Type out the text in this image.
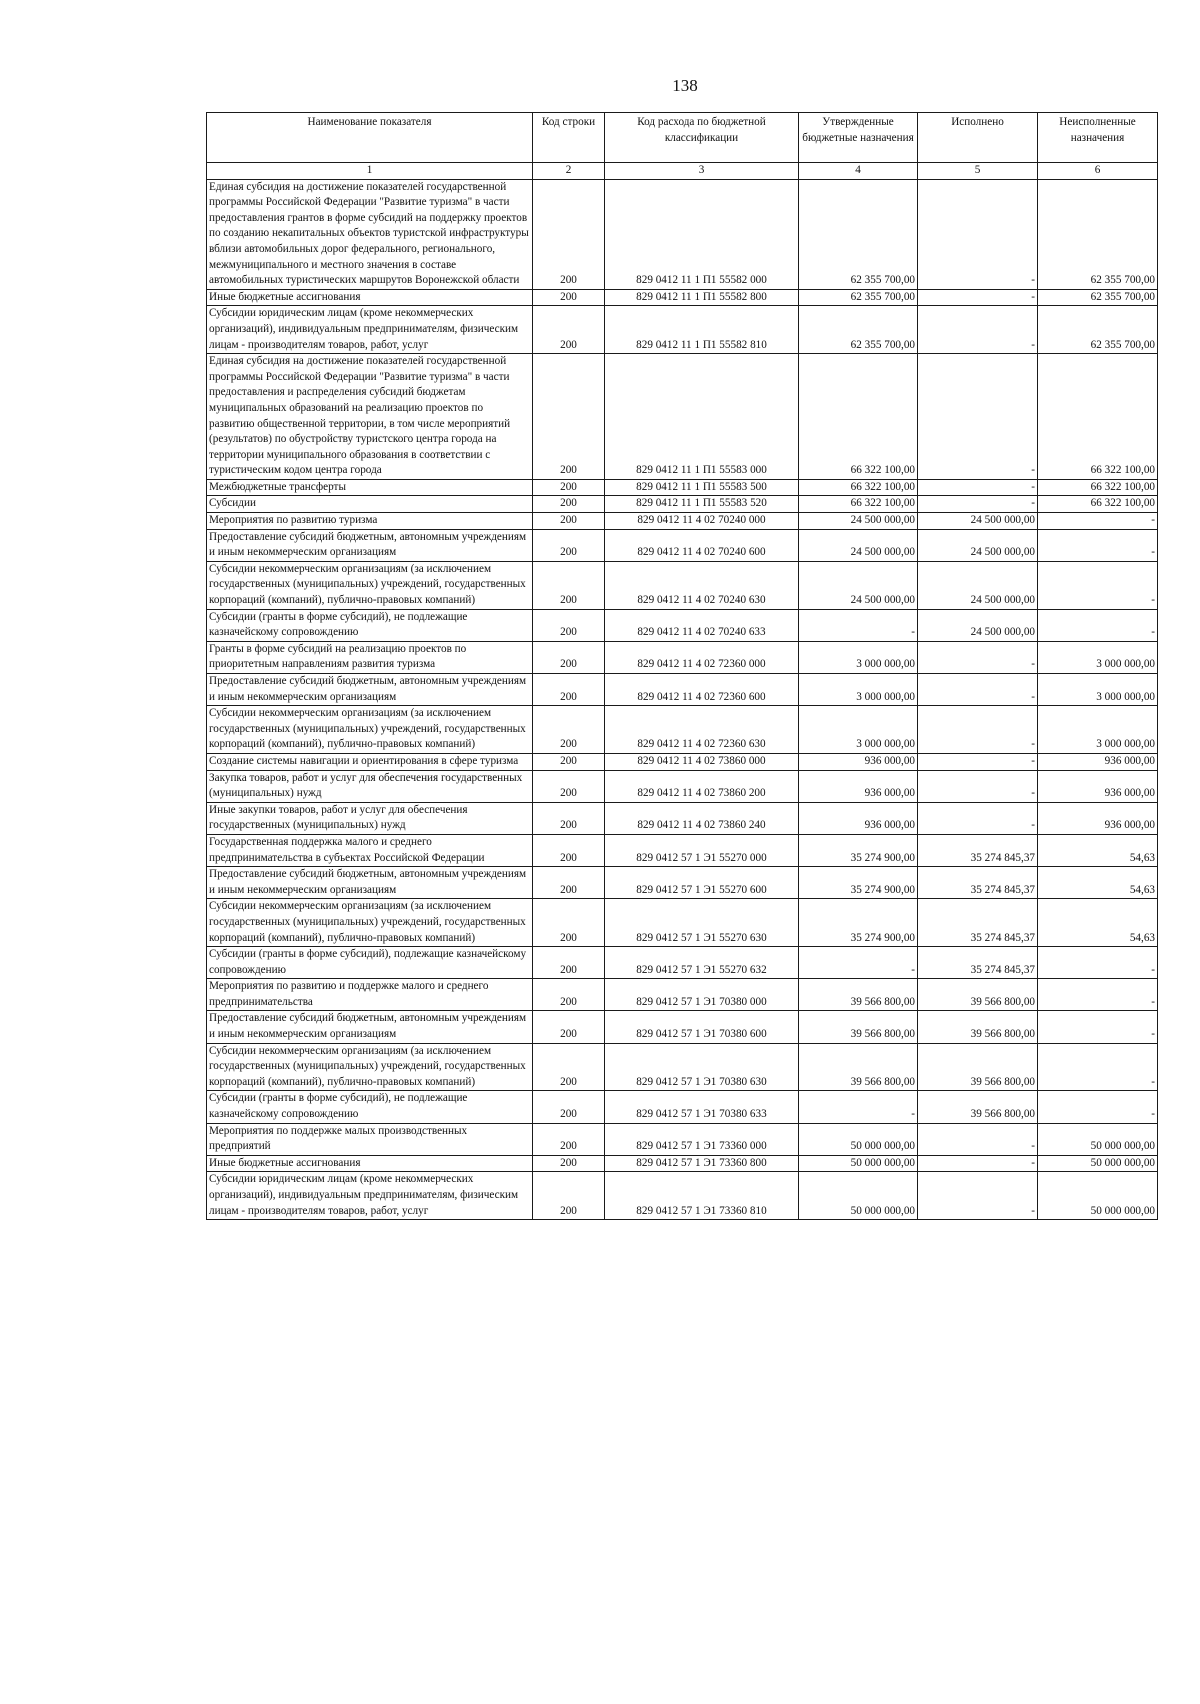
138
Наименование показателя	Код строки	Код расхода по бюджетной классификации	Утвержденные бюджетные назначения	Исполнено	Неисполненные назначения
1	2	3	4	5	6
Единая субсидия на достижение показателей государственной программы Российской Федерации "Развитие туризма" в части предоставления грантов в форме субсидий на поддержку проектов по созданию некапитальных объектов туристской инфраструктуры вблизи автомобильных дорог федерального, регионального, межмуниципального и местного значения в составе автомобильных туристических маршрутов Воронежской области	200	829 0412 11 1 П1 55582 000	62 355 700,00	-	62 355 700,00
Иные бюджетные ассигнования	200	829 0412 11 1 П1 55582 800	62 355 700,00	-	62 355 700,00
Субсидии юридическим лицам (кроме некоммерческих организаций), индивидуальным предпринимателям, физическим лицам - производителям товаров, работ, услуг	200	829 0412 11 1 П1 55582 810	62 355 700,00	-	62 355 700,00
Единая субсидия на достижение показателей государственной программы Российской Федерации "Развитие туризма" в части предоставления и распределения субсидий бюджетам муниципальных образований на реализацию проектов по развитию общественной территории, в том числе мероприятий (результатов) по обустройству туристского центра города на территории муниципального образования в соответствии с туристическим кодом центра города	200	829 0412 11 1 П1 55583 000	66 322 100,00	-	66 322 100,00
Межбюджетные трансферты	200	829 0412 11 1 П1 55583 500	66 322 100,00	-	66 322 100,00
Субсидии	200	829 0412 11 1 П1 55583 520	66 322 100,00	-	66 322 100,00
Мероприятия по развитию туризма	200	829 0412 11 4 02 70240 000	24 500 000,00	24 500 000,00	-
Предоставление субсидий бюджетным, автономным учреждениям и иным некоммерческим организациям	200	829 0412 11 4 02 70240 600	24 500 000,00	24 500 000,00	-
Субсидии некоммерческим организациям (за исключением государственных (муниципальных) учреждений, государственных корпораций (компаний), публично-правовых компаний)	200	829 0412 11 4 02 70240 630	24 500 000,00	24 500 000,00	-
Субсидии (гранты в форме субсидий), не подлежащие казначейскому сопровождению	200	829 0412 11 4 02 70240 633	-	24 500 000,00	-
Гранты в форме субсидий на реализацию проектов по приоритетным направлениям развития туризма	200	829 0412 11 4 02 72360 000	3 000 000,00	-	3 000 000,00
Предоставление субсидий бюджетным, автономным учреждениям и иным некоммерческим организациям	200	829 0412 11 4 02 72360 600	3 000 000,00	-	3 000 000,00
Субсидии некоммерческим организациям (за исключением государственных (муниципальных) учреждений, государственных корпораций (компаний), публично-правовых компаний)	200	829 0412 11 4 02 72360 630	3 000 000,00	-	3 000 000,00
Создание системы навигации и ориентирования в сфере туризма	200	829 0412 11 4 02 73860 000	936 000,00	-	936 000,00
Закупка товаров, работ и услуг для обеспечения государственных (муниципальных) нужд	200	829 0412 11 4 02 73860 200	936 000,00	-	936 000,00
Иные закупки товаров, работ и услуг для обеспечения государственных (муниципальных) нужд	200	829 0412 11 4 02 73860 240	936 000,00	-	936 000,00
Государственная поддержка малого и среднего предпринимательства в субъектах Российской Федерации	200	829 0412 57 1 Э1 55270 000	35 274 900,00	35 274 845,37	54,63
Предоставление субсидий бюджетным, автономным учреждениям и иным некоммерческим организациям	200	829 0412 57 1 Э1 55270 600	35 274 900,00	35 274 845,37	54,63
Субсидии некоммерческим организациям (за исключением государственных (муниципальных) учреждений, государственных корпораций (компаний), публично-правовых компаний)	200	829 0412 57 1 Э1 55270 630	35 274 900,00	35 274 845,37	54,63
Субсидии (гранты в форме субсидий), подлежащие казначейскому сопровождению	200	829 0412 57 1 Э1 55270 632	-	35 274 845,37	-
Мероприятия по развитию и поддержке малого и среднего предпринимательства	200	829 0412 57 1 Э1 70380 000	39 566 800,00	39 566 800,00	-
Предоставление субсидий бюджетным, автономным учреждениям и иным некоммерческим организациям	200	829 0412 57 1 Э1 70380 600	39 566 800,00	39 566 800,00	-
Субсидии некоммерческим организациям (за исключением государственных (муниципальных) учреждений, государственных корпораций (компаний), публично-правовых компаний)	200	829 0412 57 1 Э1 70380 630	39 566 800,00	39 566 800,00	-
Субсидии (гранты в форме субсидий), не подлежащие казначейскому сопровождению	200	829 0412 57 1 Э1 70380 633	-	39 566 800,00	-
Мероприятия по поддержке малых производственных предприятий	200	829 0412 57 1 Э1 73360 000	50 000 000,00	-	50 000 000,00
Иные бюджетные ассигнования	200	829 0412 57 1 Э1 73360 800	50 000 000,00	-	50 000 000,00
Субсидии юридическим лицам (кроме некоммерческих организаций), индивидуальным предпринимателям, физическим лицам - производителям товаров, работ, услуг	200	829 0412 57 1 Э1 73360 810	50 000 000,00	-	50 000 000,00
